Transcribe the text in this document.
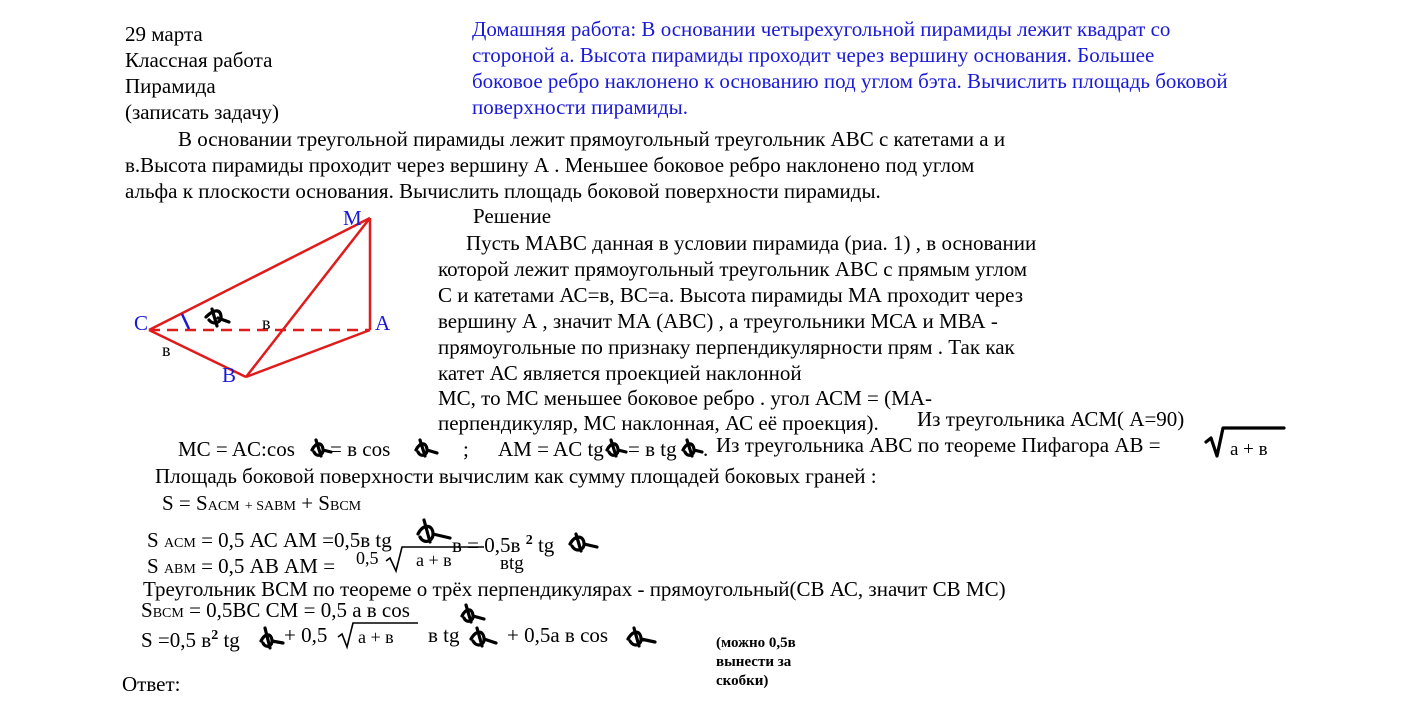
29 марта
Классная работа
Пирамида
(записать задачу)
Домашняя работа: В основании четырехугольной пирамиды лежит квадрат со
стороной а. Высота пирамиды проходит через вершину основания. Большее
боковое ребро наклонено к основанию под углом бэта. Вычислить площадь боковой
поверхности пирамиды.
В основании треугольной пирамиды лежит прямоугольный треугольник АВС с катетами а и
в.Высота пирамиды проходит через вершину А . Меньшее боковое ребро наклонено под углом
альфа к плоскости основания. Вычислить площадь боковой поверхности пирамиды.
M
C	A
B
в
в
Решение
Пусть МАВС данная в условии пирамида (риа. 1) , в основании
которой лежит прямоугольный треугольник АВС с прямым углом
С и катетами АС=в, ВС=а. Высота пирамиды МА проходит через
вершину А , значит МА (АВС) , а треугольники МСА и МВА -
прямоугольные по признаку перпендикулярности прям . Так как
катет АС является проекцией наклонной
МС, то МС меньшее боковое ребро . угол АСМ = (МА-
перпендикуляр, МС наклонная, АС её проекция). Из треугольника АСМ( А=90)
MC = AC:cos = в cos	; AM = AC tg = в tg . Из треугольника АВС по теореме Пифагора АВ =	а + в
Площадь боковой поверхности вычислим как сумму площадей боковых граней :
S = SACM + SABM + SBCM
S ACM = 0,5 АС АМ =0,5в tg	в = 0,5в $^2$ tg
S ABM = 0,5 АВ АМ = 0,5 а + в	вtg
Треугольник ВСМ по теореме о трёх перпендикулярах - прямоугольный(СВ АС, значит СВ МС)
SBCM = 0,5ВС СМ = 0,5 а в cos
S =0,5 $в^2$ tg + 0,5 а + в в tg + 0,5а в cos	(можно 0,5в
вынести за
скобки)
Ответ:
